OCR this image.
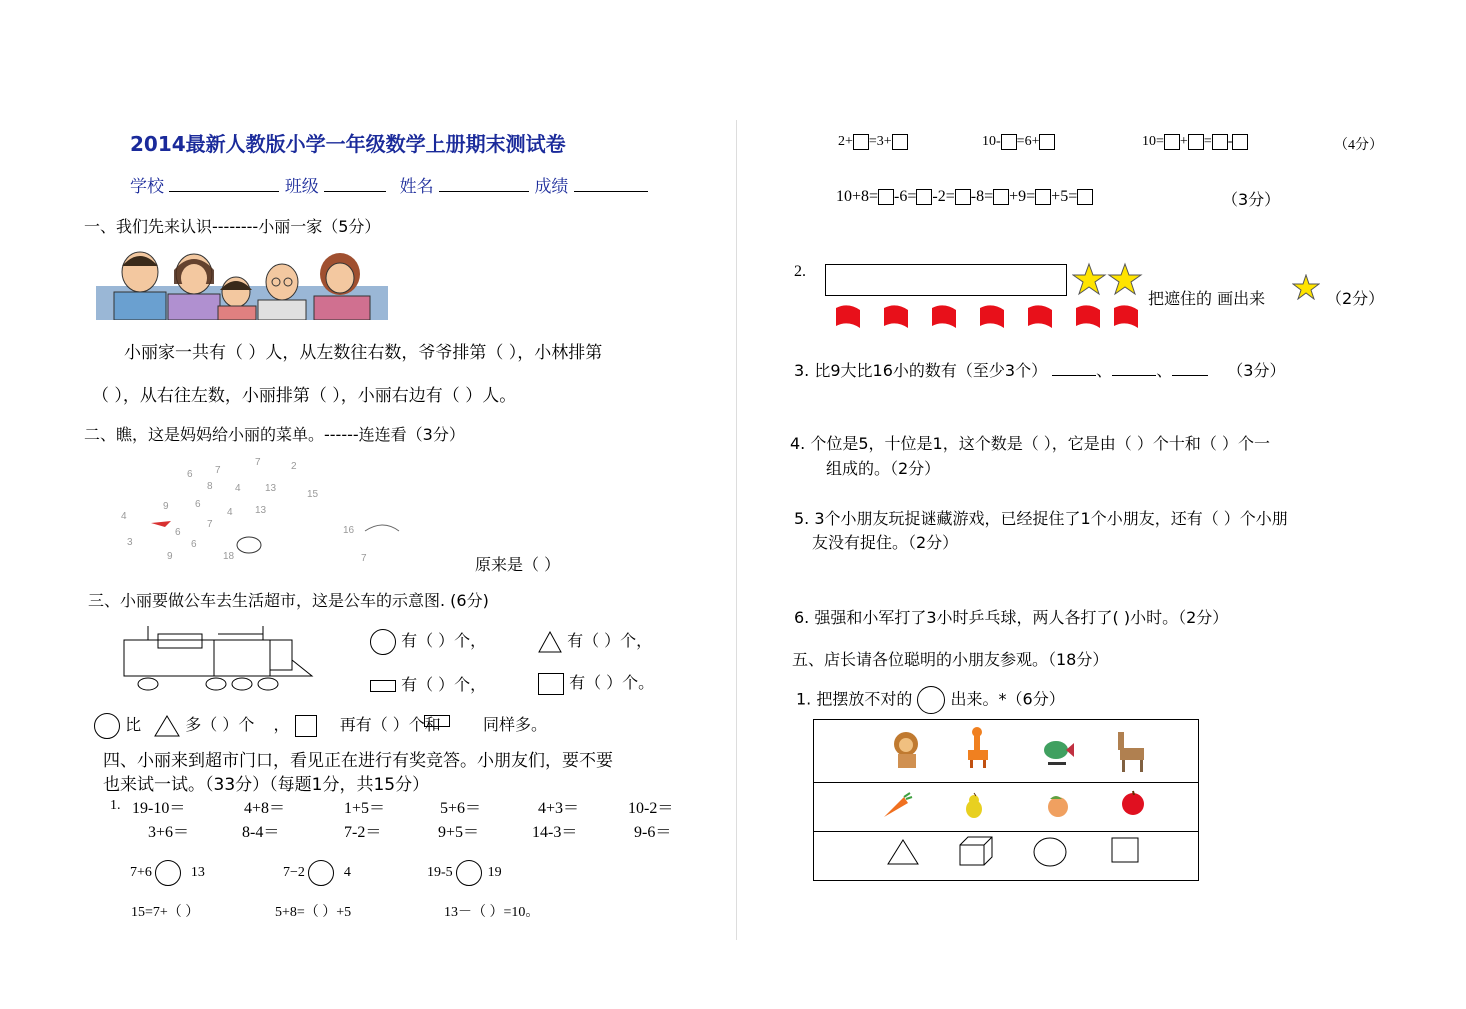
2014最新人教版小学一年级数学上册期末测试卷
学校	班级	姓名	成绩
一、我们先来认识--------小丽一家（5分）
小丽家一共有（ ）人，从左数往右数，爷爷排第（ ），小林排第
（ ），从右往左数，小丽排第（ ），小丽右边有（ ）人。
二、瞧，这是妈妈给小丽的菜单。------连连看（3分）
6 7
7	2
8 4 13
15
9	6
4 13
4
6
7
3	6
9	18
16
7	原来是（ ）
三、小丽要做公车去生活超市，这是公车的示意图. (6分)
有（ ）个，	有（ ）个，
有（ ）个，	有（ ）个。
比	多（ ）个 ，	再有（ ）个和	同样多。
四、小丽来到超市门口，看见正在进行有奖竞答。小朋友们，要不要
也来试一试。（33分）（每题1分，共15分）
1. 19-10＝	4+8＝	1+5＝	5+6＝	4+3＝	10-2＝
3+6＝	8-4＝	7-2＝	9+5＝	14-3＝	9-6＝
7+6	13	7−2	4	19-5	19
15=7+（ ）	5+8=（ ）+5	13－（ ）=10。
2+ =3+	10- =6+	10= + = -	（4分）
10+8= -6= -2= -8= +9= +5=	（3分）
2.
把遮住的 画出来	（2分）
3. 比9大比16小的数有（至少3个）	、	、	（3分）
4. 个位是5，十位是1，这个数是（ ），它是由（ ）个十和（ ）个一
组成的。（2分）
5. 3个小朋友玩捉谜藏游戏，已经捉住了1个小朋友，还有（ ）个小朋
友没有捉住。（2分）
6. 强强和小军打了3小时乒乓球，两人各打了( )小时。（2分）
五、店长请各位聪明的小朋友参观。（18分）
1. 把摆放不对的 出来。*（6分）
